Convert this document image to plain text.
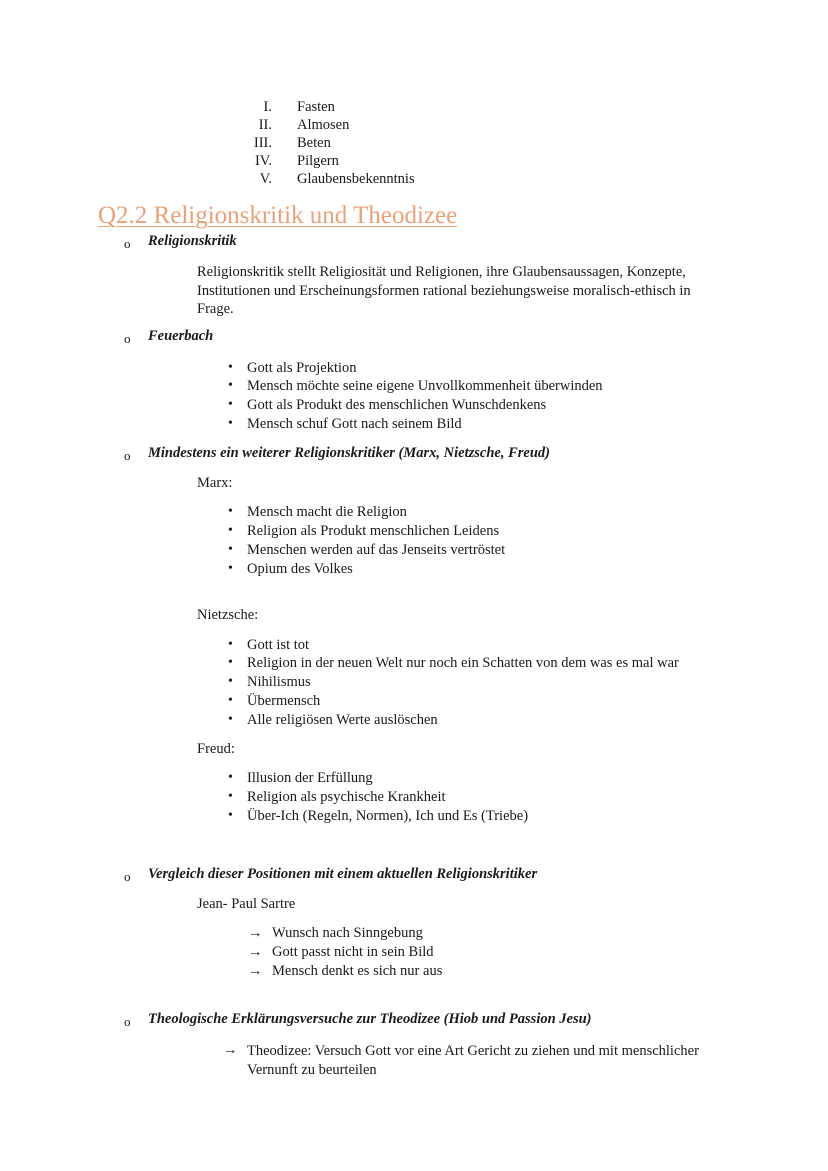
I. Fasten
II. Almosen
III. Beten
IV. Pilgern
V. Glaubensbekenntnis
Q2.2 Religionskritik und Theodizee
o Religionskritik
Religionskritik stellt Religiosität und Religionen, ihre Glaubensaussagen, Konzepte,
Institutionen und Erscheinungsformen rational beziehungsweise moralisch-ethisch in
Frage.
o Feuerbach
• Gott als Projektion
• Mensch möchte seine eigene Unvollkommenheit überwinden
• Gott als Produkt des menschlichen Wunschdenkens
• Mensch schuf Gott nach seinem Bild
o Mindestens ein weiterer Religionskritiker (Marx, Nietzsche, Freud)
Marx:
• Mensch macht die Religion
• Religion als Produkt menschlichen Leidens
• Menschen werden auf das Jenseits vertröstet
• Opium des Volkes
Nietzsche:
• Gott ist tot
• Religion in der neuen Welt nur noch ein Schatten von dem was es mal war
• Nihilismus
• Übermensch
• Alle religiösen Werte auslöschen
Freud:
• Illusion der Erfüllung
• Religion als psychische Krankheit
• Über-Ich (Regeln, Normen), Ich und Es (Triebe)
o Vergleich dieser Positionen mit einem aktuellen Religionskritiker
Jean- Paul Sartre
→ Wunsch nach Sinngebung
→ Gott passt nicht in sein Bild
→ Mensch denkt es sich nur aus
o Theologische Erklärungsversuche zur Theodizee (Hiob und Passion Jesu)
→ Theodizee: Versuch Gott vor eine Art Gericht zu ziehen und mit menschlicher
Vernunft zu beurteilen
